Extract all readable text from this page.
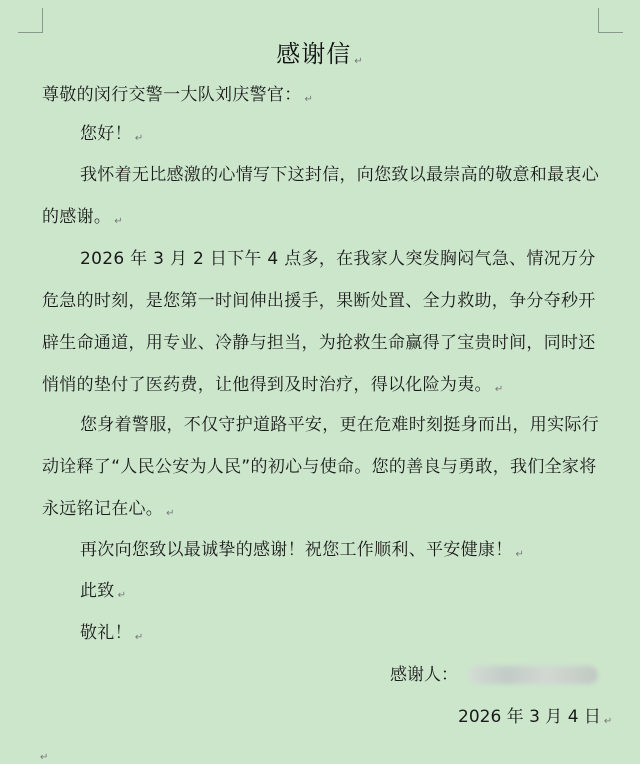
感谢信 ↵
尊敬的闵行交警一大队刘庆警官： ↵
您好！ ↵
我怀着无比感激的心情写下这封信，向您致以最崇高的敬意和最衷心的感谢。 ↵
2026 年 3 月 2 日下午 4 点多，在我家人突发胸闷气急、情况万分危急的时刻，是您第一时间伸出援手，果断处置、全力救助，争分夺秒开辟生命通道，用专业、冷静与担当，为抢救生命赢得了宝贵时间，同时还悄悄的垫付了医药费，让他得到及时治疗，得以化险为夷。 ↵
您身着警服，不仅守护道路平安，更在危难时刻挺身而出，用实际行动诠释了“人民公安为人民”的初心与使命。您的善良与勇敢，我们全家将永远铭记在心。 ↵
再次向您致以最诚挚的感谢！祝您工作顺利、平安健康！ ↵
此致 ↵
敬礼！ ↵
感谢人：
2026 年 3 月 4 日 ↵
↵
